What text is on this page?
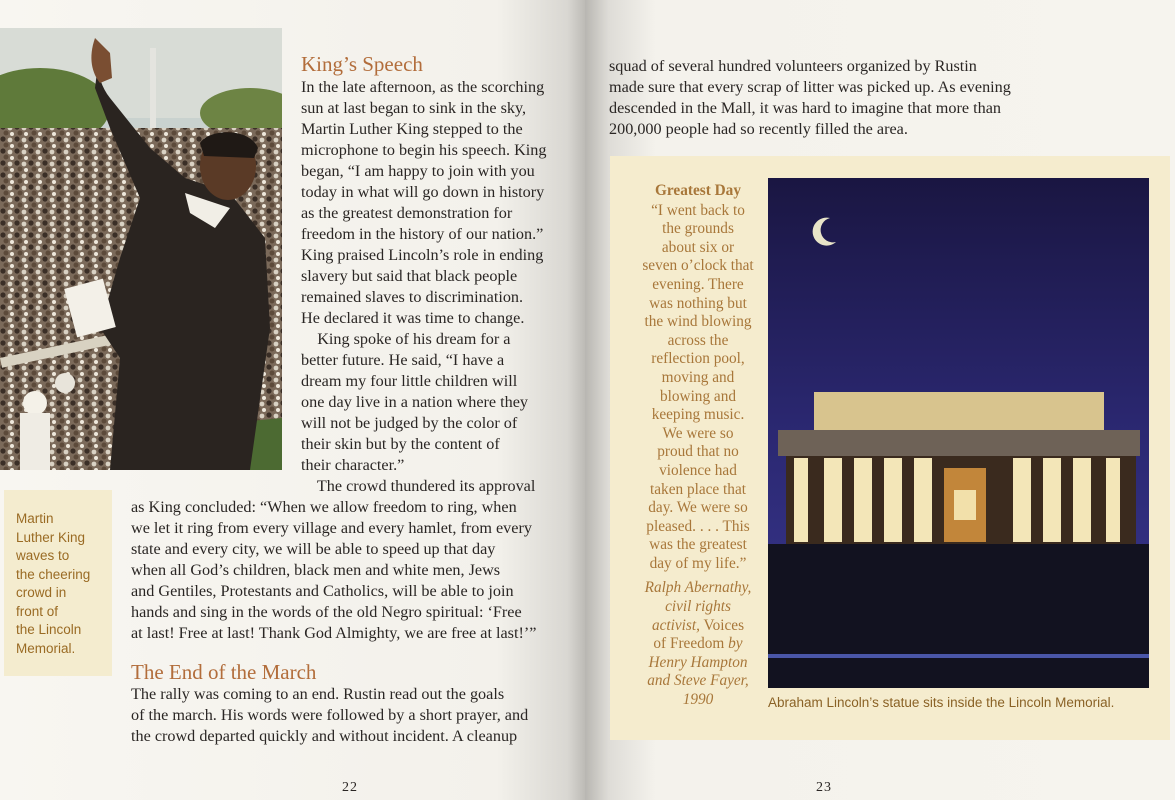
Martin
Luther King
waves to
the cheering
crowd in
front of
the Lincoln
Memorial.
King’s Speech
In the late afternoon, as the scorching
sun at last began to sink in the sky,
Martin Luther King stepped to the
microphone to begin his speech. King
began, “I am happy to join with you
today in what will go down in history
as the greatest demonstration for
freedom in the history of our nation.”
King praised Lincoln’s role in ending
slavery but said that black people
remained slaves to discrimination.
He declared it was time to change.
King spoke of his dream for a
better future. He said, “I have a
dream my four little children will
one day live in a nation where they
will not be judged by the color of
their skin but by the content of
their character.”
The crowd thundered its approval
as King concluded: “When we allow freedom to ring, when
we let it ring from every village and every hamlet, from every
state and every city, we will be able to speed up that day
when all God’s children, black men and white men, Jews
and Gentiles, Protestants and Catholics, will be able to join
hands and sing in the words of the old Negro spiritual: ‘Free
at last! Free at last! Thank God Almighty, we are free at last!’”
The End of the March
The rally was coming to an end. Rustin read out the goals
of the march. His words were followed by a short prayer, and
the crowd departed quickly and without incident. A cleanup
22
squad of several hundred volunteers organized by Rustin
made sure that every scrap of litter was picked up. As evening
descended in the Mall, it was hard to imagine that more than
200,000 people had so recently filled the area.
Greatest Day
“I went back to
the grounds
about six or
seven o’clock that
evening. There
was nothing but
the wind blowing
across the
reflection pool,
moving and
blowing and
keeping music.
We were so
proud that no
violence had
taken place that
day. We were so
pleased. . . . This
was the greatest
day of my life.”
Ralph Abernathy,
civil rights
activist, Voices
of Freedom by
Henry Hampton
and Steve Fayer,
1990	Abraham Lincoln’s statue sits inside the Lincoln Memorial.
23
